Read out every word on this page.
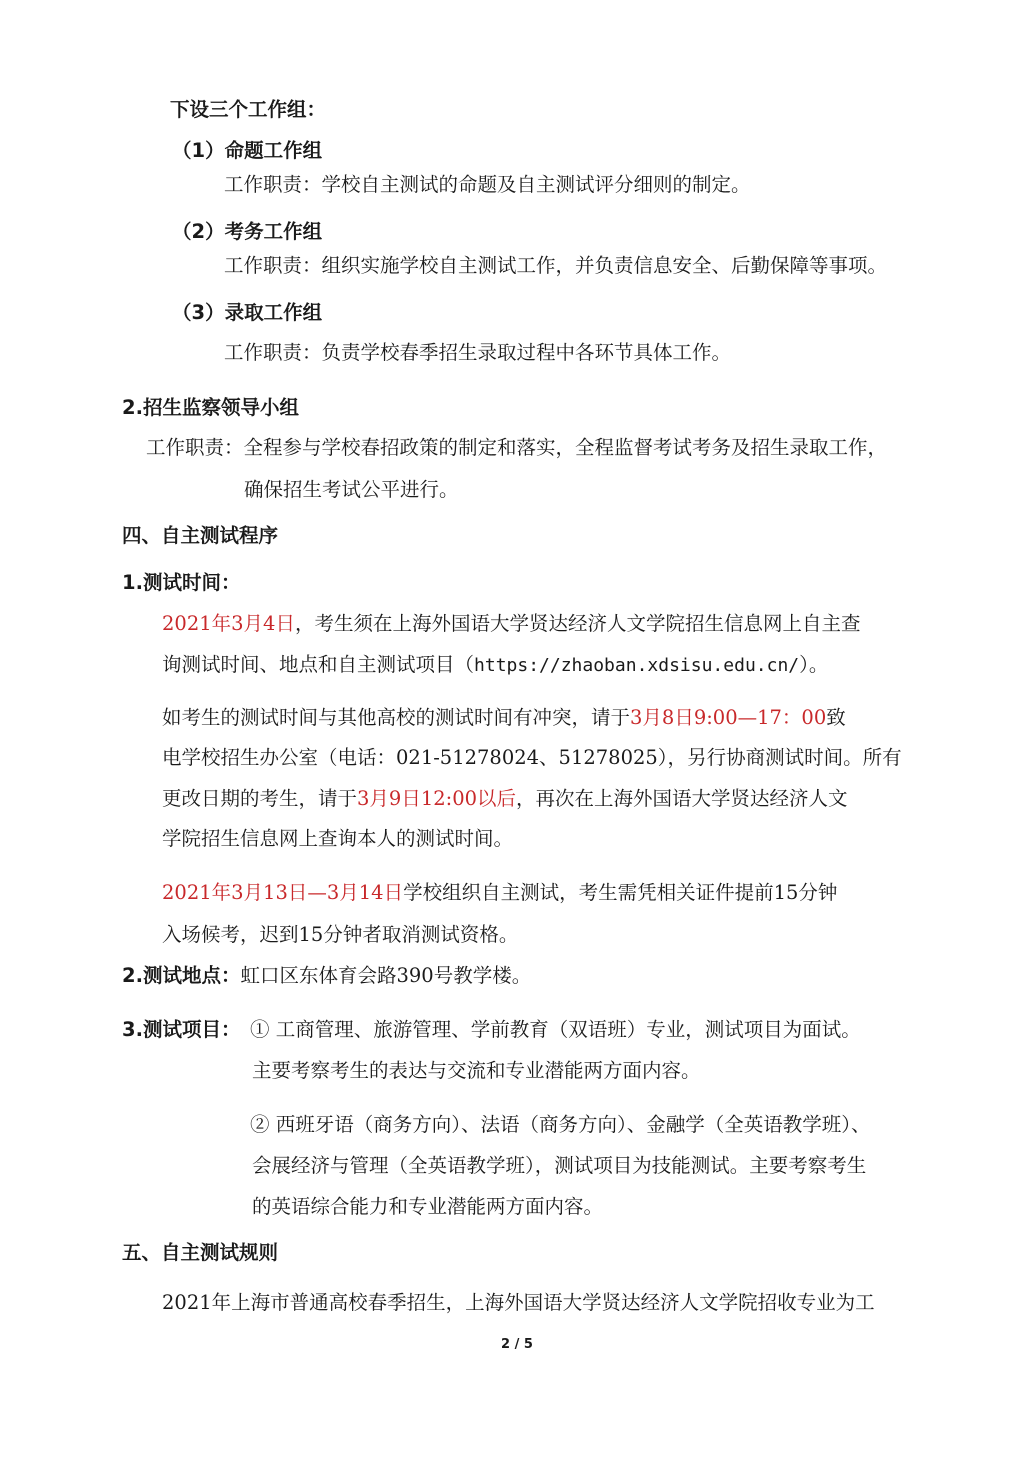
下设三个工作组：
（1）命题工作组
工作职责：学校自主测试的命题及自主测试评分细则的制定。
（2）考务工作组
工作职责：组织实施学校自主测试工作，并负责信息安全、后勤保障等事项。
（3）录取工作组
工作职责：负责学校春季招生录取过程中各环节具体工作。
2.招生监察领导小组
工作职责：全程参与学校春招政策的制定和落实，全程监督考试考务及招生录取工作，
确保招生考试公平进行。
四、自主测试程序
1.测试时间：
2021年3月4日，考生须在上海外国语大学贤达经济人文学院招生信息网上自主查
询测试时间、地点和自主测试项目（https://zhaoban.xdsisu.edu.cn/）。
如考生的测试时间与其他高校的测试时间有冲突，请于3月8日9:00—17：00致
电学校招生办公室（电话：021-51278024、51278025），另行协商测试时间。所有
更改日期的考生，请于3月9日12:00以后，再次在上海外国语大学贤达经济人文
学院招生信息网上查询本人的测试时间。
2021年3月13日—3月14日学校组织自主测试，考生需凭相关证件提前15分钟
入场候考，迟到15分钟者取消测试资格。
2.测试地点：虹口区东体育会路390号教学楼。
3.测试项目： ① 工商管理、旅游管理、学前教育（双语班）专业，测试项目为面试。
主要考察考生的表达与交流和专业潜能两方面内容。
② 西班牙语（商务方向）、法语（商务方向）、金融学（全英语教学班）、
会展经济与管理（全英语教学班），测试项目为技能测试。主要考察考生
的英语综合能力和专业潜能两方面内容。
五、自主测试规则
2021年上海市普通高校春季招生，上海外国语大学贤达经济人文学院招收专业为工
2 / 5
